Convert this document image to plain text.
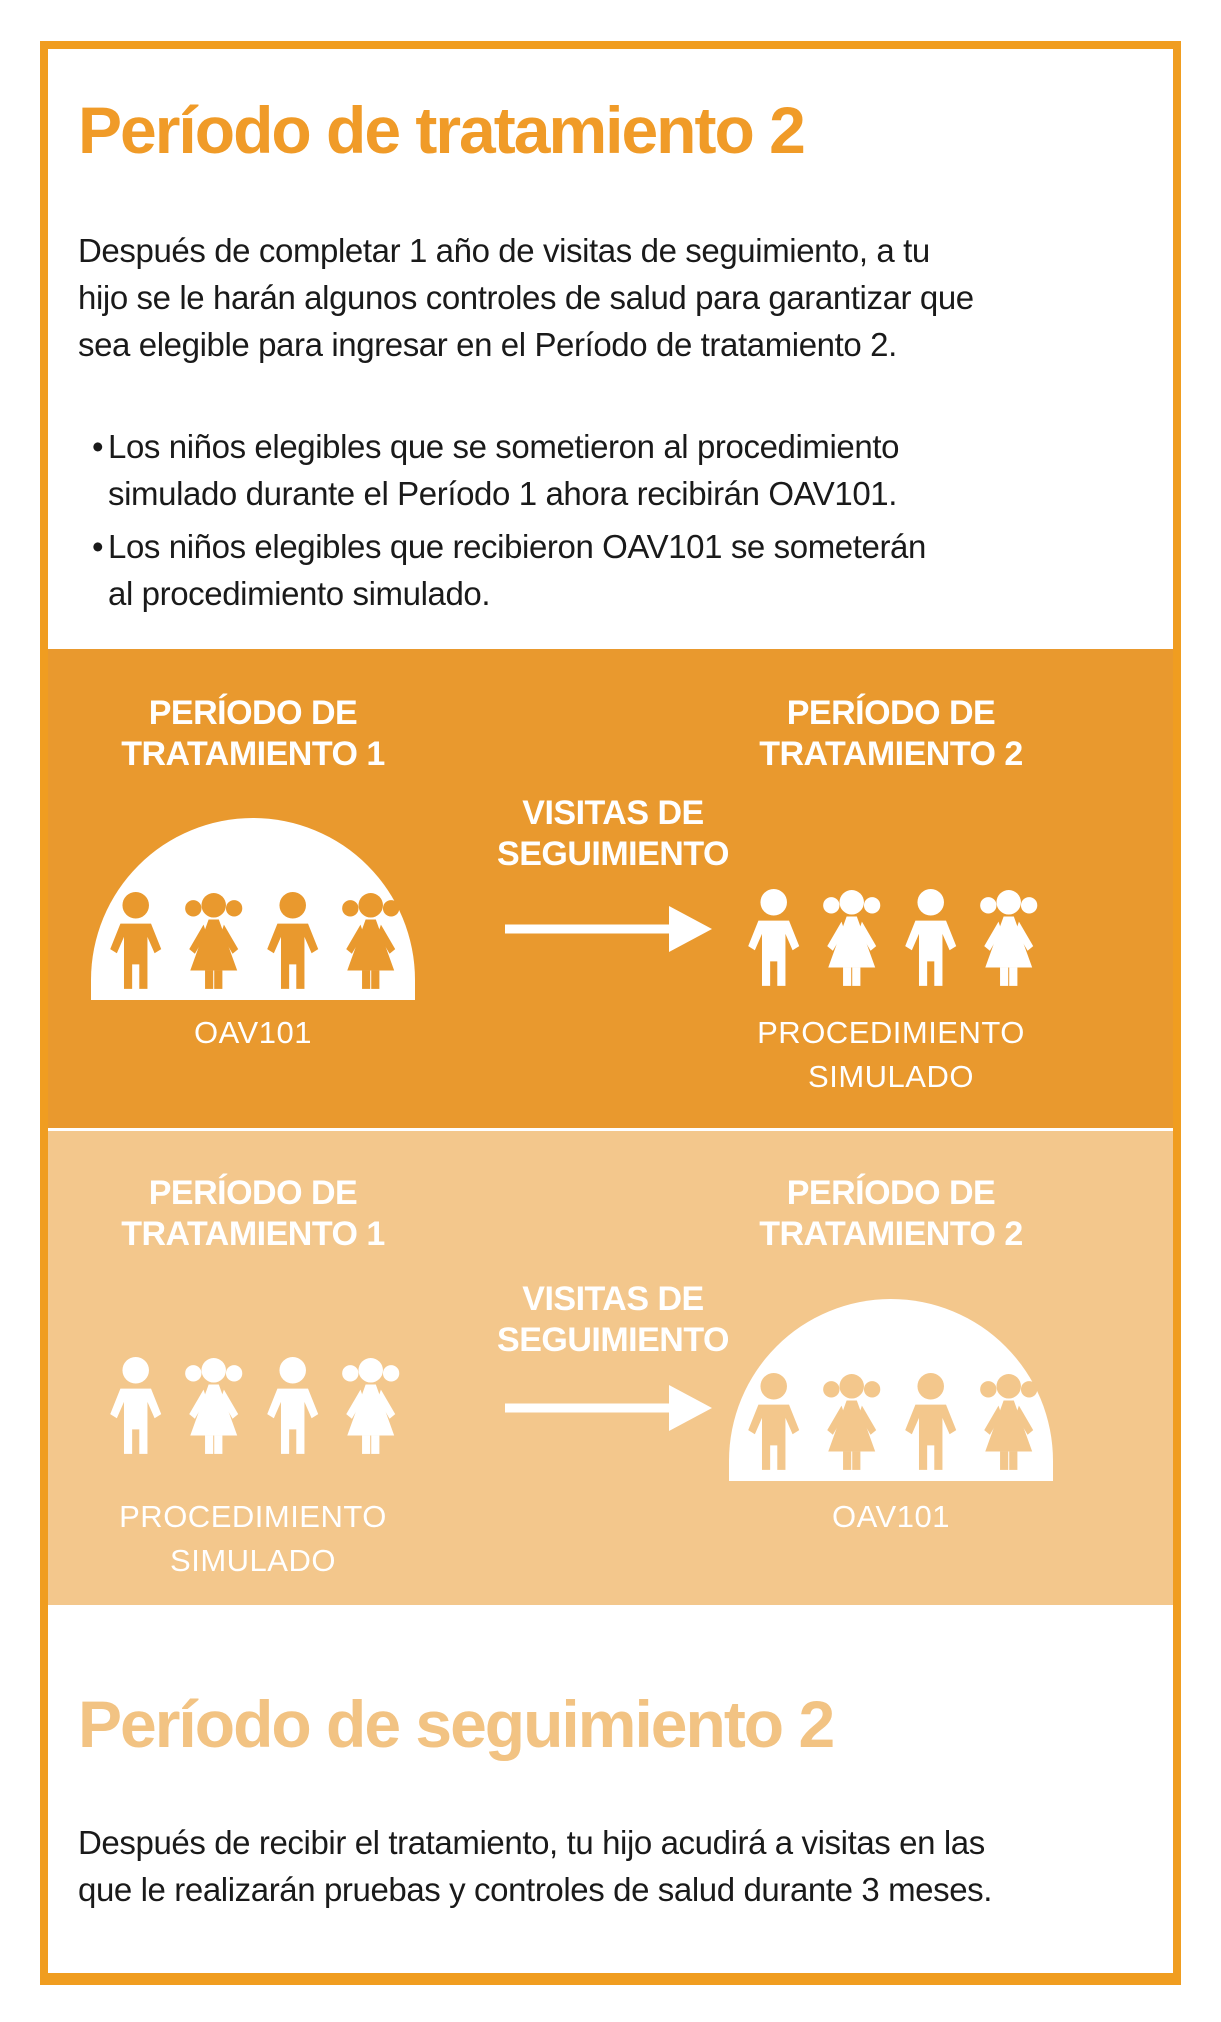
Período de tratamiento 2
Después de completar 1 año de visitas de seguimiento, a tu
hijo se le harán algunos controles de salud para garantizar que
sea elegible para ingresar en el Período de tratamiento 2.
• Los niños elegibles que se sometieron al procedimiento
simulado durante el Período 1 ahora recibirán OAV101.
• Los niños elegibles que recibieron OAV101 se someterán
al procedimiento simulado.
PERÍODO DE
TRATAMIENTO 1
OAV101
VISITAS DE
SEGUIMIENTO
PERÍODO DE
TRATAMIENTO 2
PROCEDIMIENTO
SIMULADO
PERÍODO DE
TRATAMIENTO 1
PROCEDIMIENTO
SIMULADO
VISITAS DE
SEGUIMIENTO
PERÍODO DE
TRATAMIENTO 2
OAV101
Período de seguimiento 2
Después de recibir el tratamiento, tu hijo acudirá a visitas en las
que le realizarán pruebas y controles de salud durante 3 meses.
